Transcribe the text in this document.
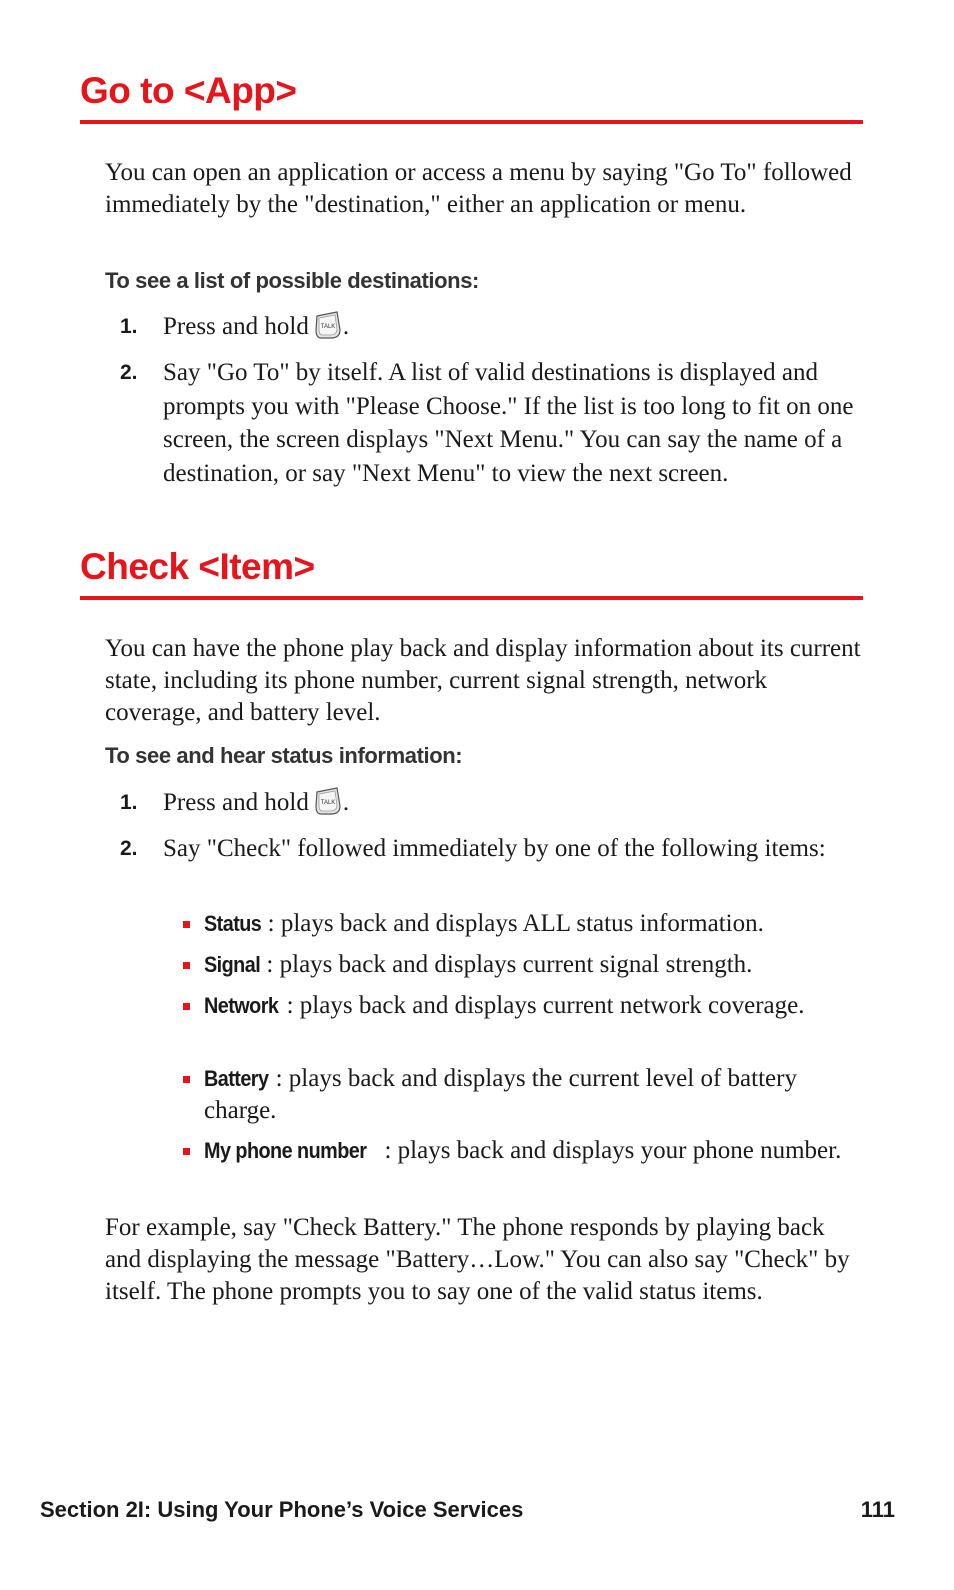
Go to <App>

You can open an application or access a menu by saying "Go To" followed immediately by the "destination," either an application or menu.

To see a list of possible destinations:

1.	Press and hold TALK .

2.	Say "Go To" by itself. A list of valid destinations is displayed and prompts you with "Please Choose." If the list is too long to fit on one screen, the screen displays "Next Menu." You can say the name of a destination, or say "Next Menu" to view the next screen.

Check <Item>

You can have the phone play back and display information about its current state, including its phone number, current signal strength, network coverage, and battery level.

To see and hear status information:

1.	Press and hold TALK .

2.	Say "Check" followed immediately by one of the following items:

Status : plays back and displays ALL status information.

Signal : plays back and displays current signal strength.

Network : plays back and displays current network coverage.

Battery : plays back and displays the current level of battery charge.

My phone number : plays back and displays your phone number.

For example, say "Check Battery." The phone responds by playing back and displaying the message "Battery…Low." You can also say "Check" by itself. The phone prompts you to say one of the valid status items.

Section 2I: Using Your Phone’s Voice Services	111
